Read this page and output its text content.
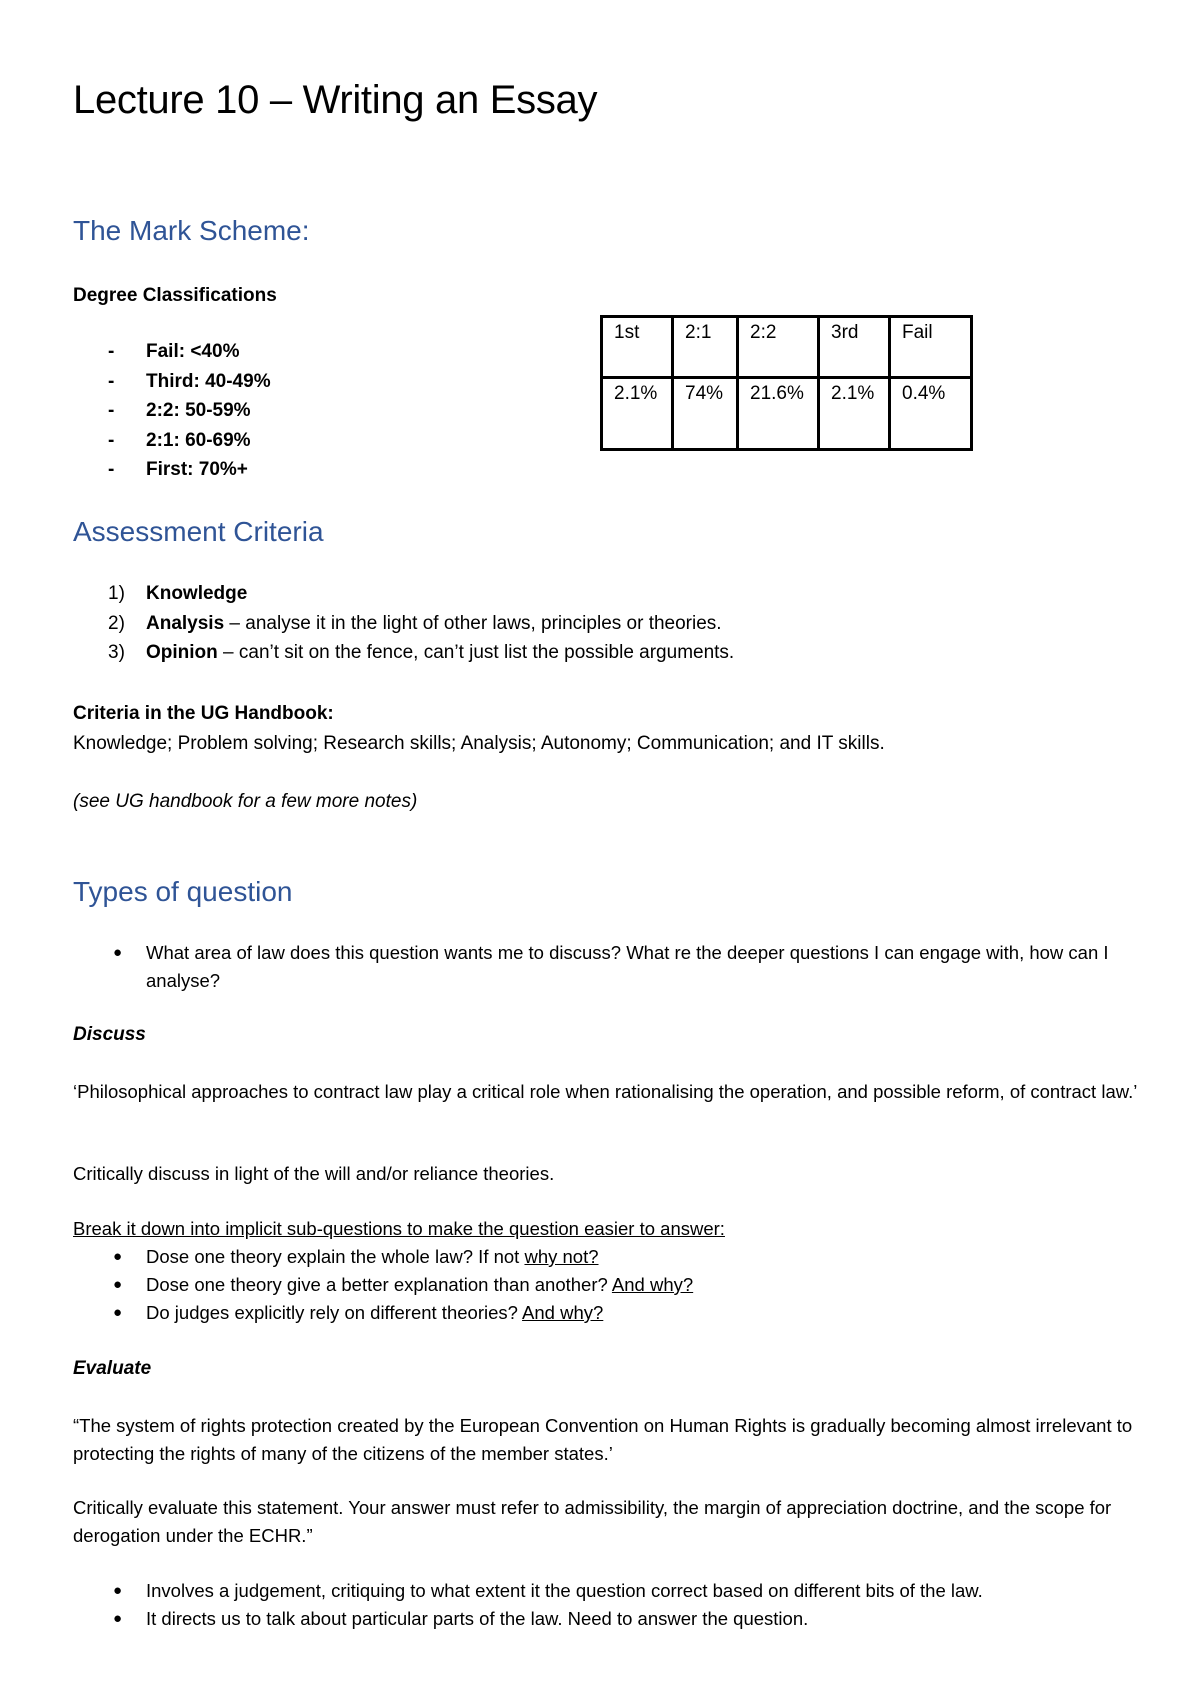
Lecture 10 – Writing an Essay
The Mark Scheme:
Degree Classifications
- Fail: <40%
- Third: 40-49%
- 2:2: 50-59%
- 2:1: 60-69%
- First: 70%+
1st	2:1	2:2	3rd	Fail
2.1%	74%	21.6%	2.1%	0.4%
Assessment Criteria
1) Knowledge
2) Analysis – analyse it in the light of other laws, principles or theories.
3) Opinion – can’t sit on the fence, can’t just list the possible arguments.
Criteria in the UG Handbook:
Knowledge; Problem solving; Research skills; Analysis; Autonomy; Communication; and IT skills.
(see UG handbook for a few more notes)
Types of question
● What area of law does this question wants me to discuss? What re the deeper questions I can engage with, how can I analyse?
Discuss
‘Philosophical approaches to contract law play a critical role when rationalising the operation, and possible reform, of contract law.’
Critically discuss in light of the will and/or reliance theories.
Break it down into implicit sub-questions to make the question easier to answer:
● Dose one theory explain the whole law? If not why not?
● Dose one theory give a better explanation than another? And why?
● Do judges explicitly rely on different theories? And why?
Evaluate
“The system of rights protection created by the European Convention on Human Rights is gradually becoming almost irrelevant to protecting the rights of many of the citizens of the member states.’
Critically evaluate this statement. Your answer must refer to admissibility, the margin of appreciation doctrine, and the scope for derogation under the ECHR.”
● Involves a judgement, critiquing to what extent it the question correct based on different bits of the law.
● It directs us to talk about particular parts of the law. Need to answer the question.
